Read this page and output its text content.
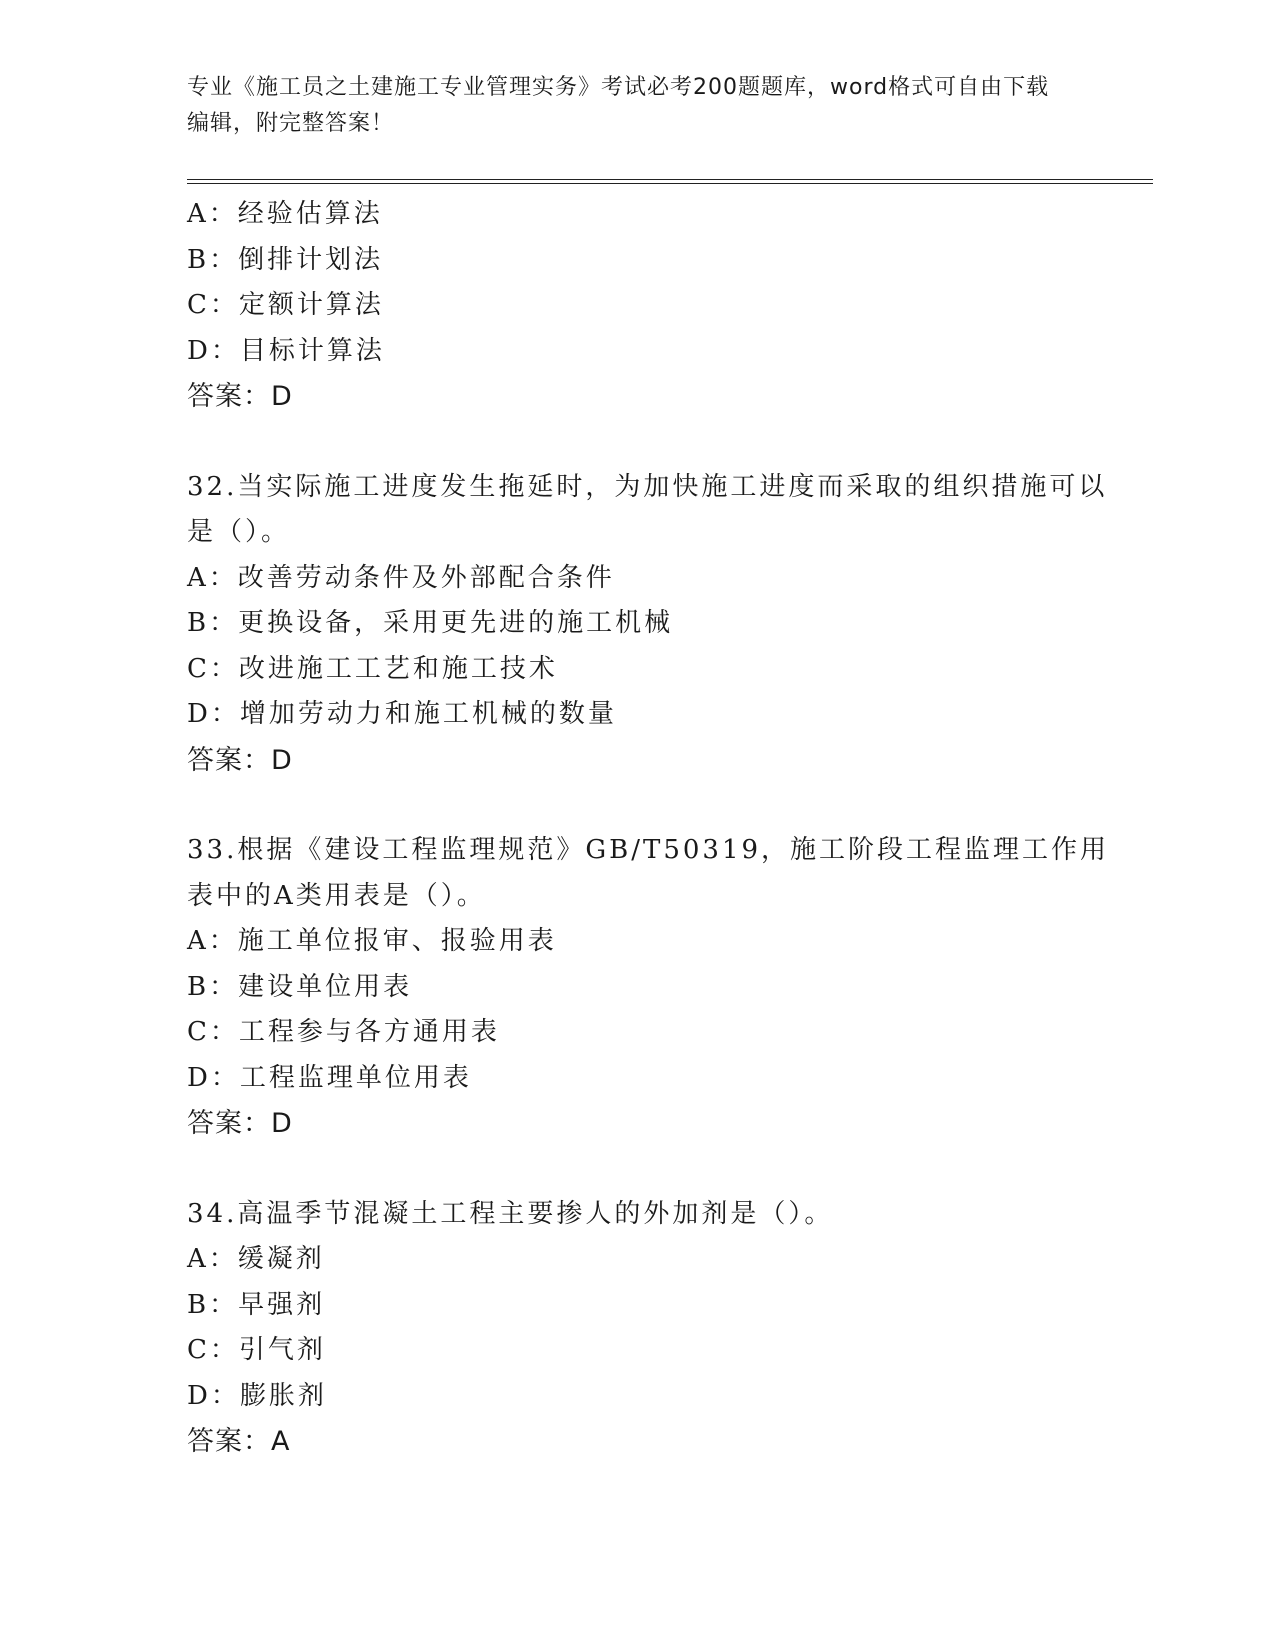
专业《施工员之土建施工专业管理实务》考试必考200题题库，word格式可自由下载编辑，附完整答案！
A：经验估算法
B：倒排计划法
C：定额计算法
D：目标计算法
答案：D
32.当实际施工进度发生拖延时，为加快施工进度而采取的组织措施可以是（）。
A：改善劳动条件及外部配合条件
B：更换设备，采用更先进的施工机械
C：改进施工工艺和施工技术
D：增加劳动力和施工机械的数量
答案：D
33.根据《建设工程监理规范》GB/T50319，施工阶段工程监理工作用表中的A类用表是（）。
A：施工单位报审、报验用表
B：建设单位用表
C：工程参与各方通用表
D：工程监理单位用表
答案：D
34.高温季节混凝土工程主要掺人的外加剂是（）。
A：缓凝剂
B：早强剂
C：引气剂
D：膨胀剂
答案：A
